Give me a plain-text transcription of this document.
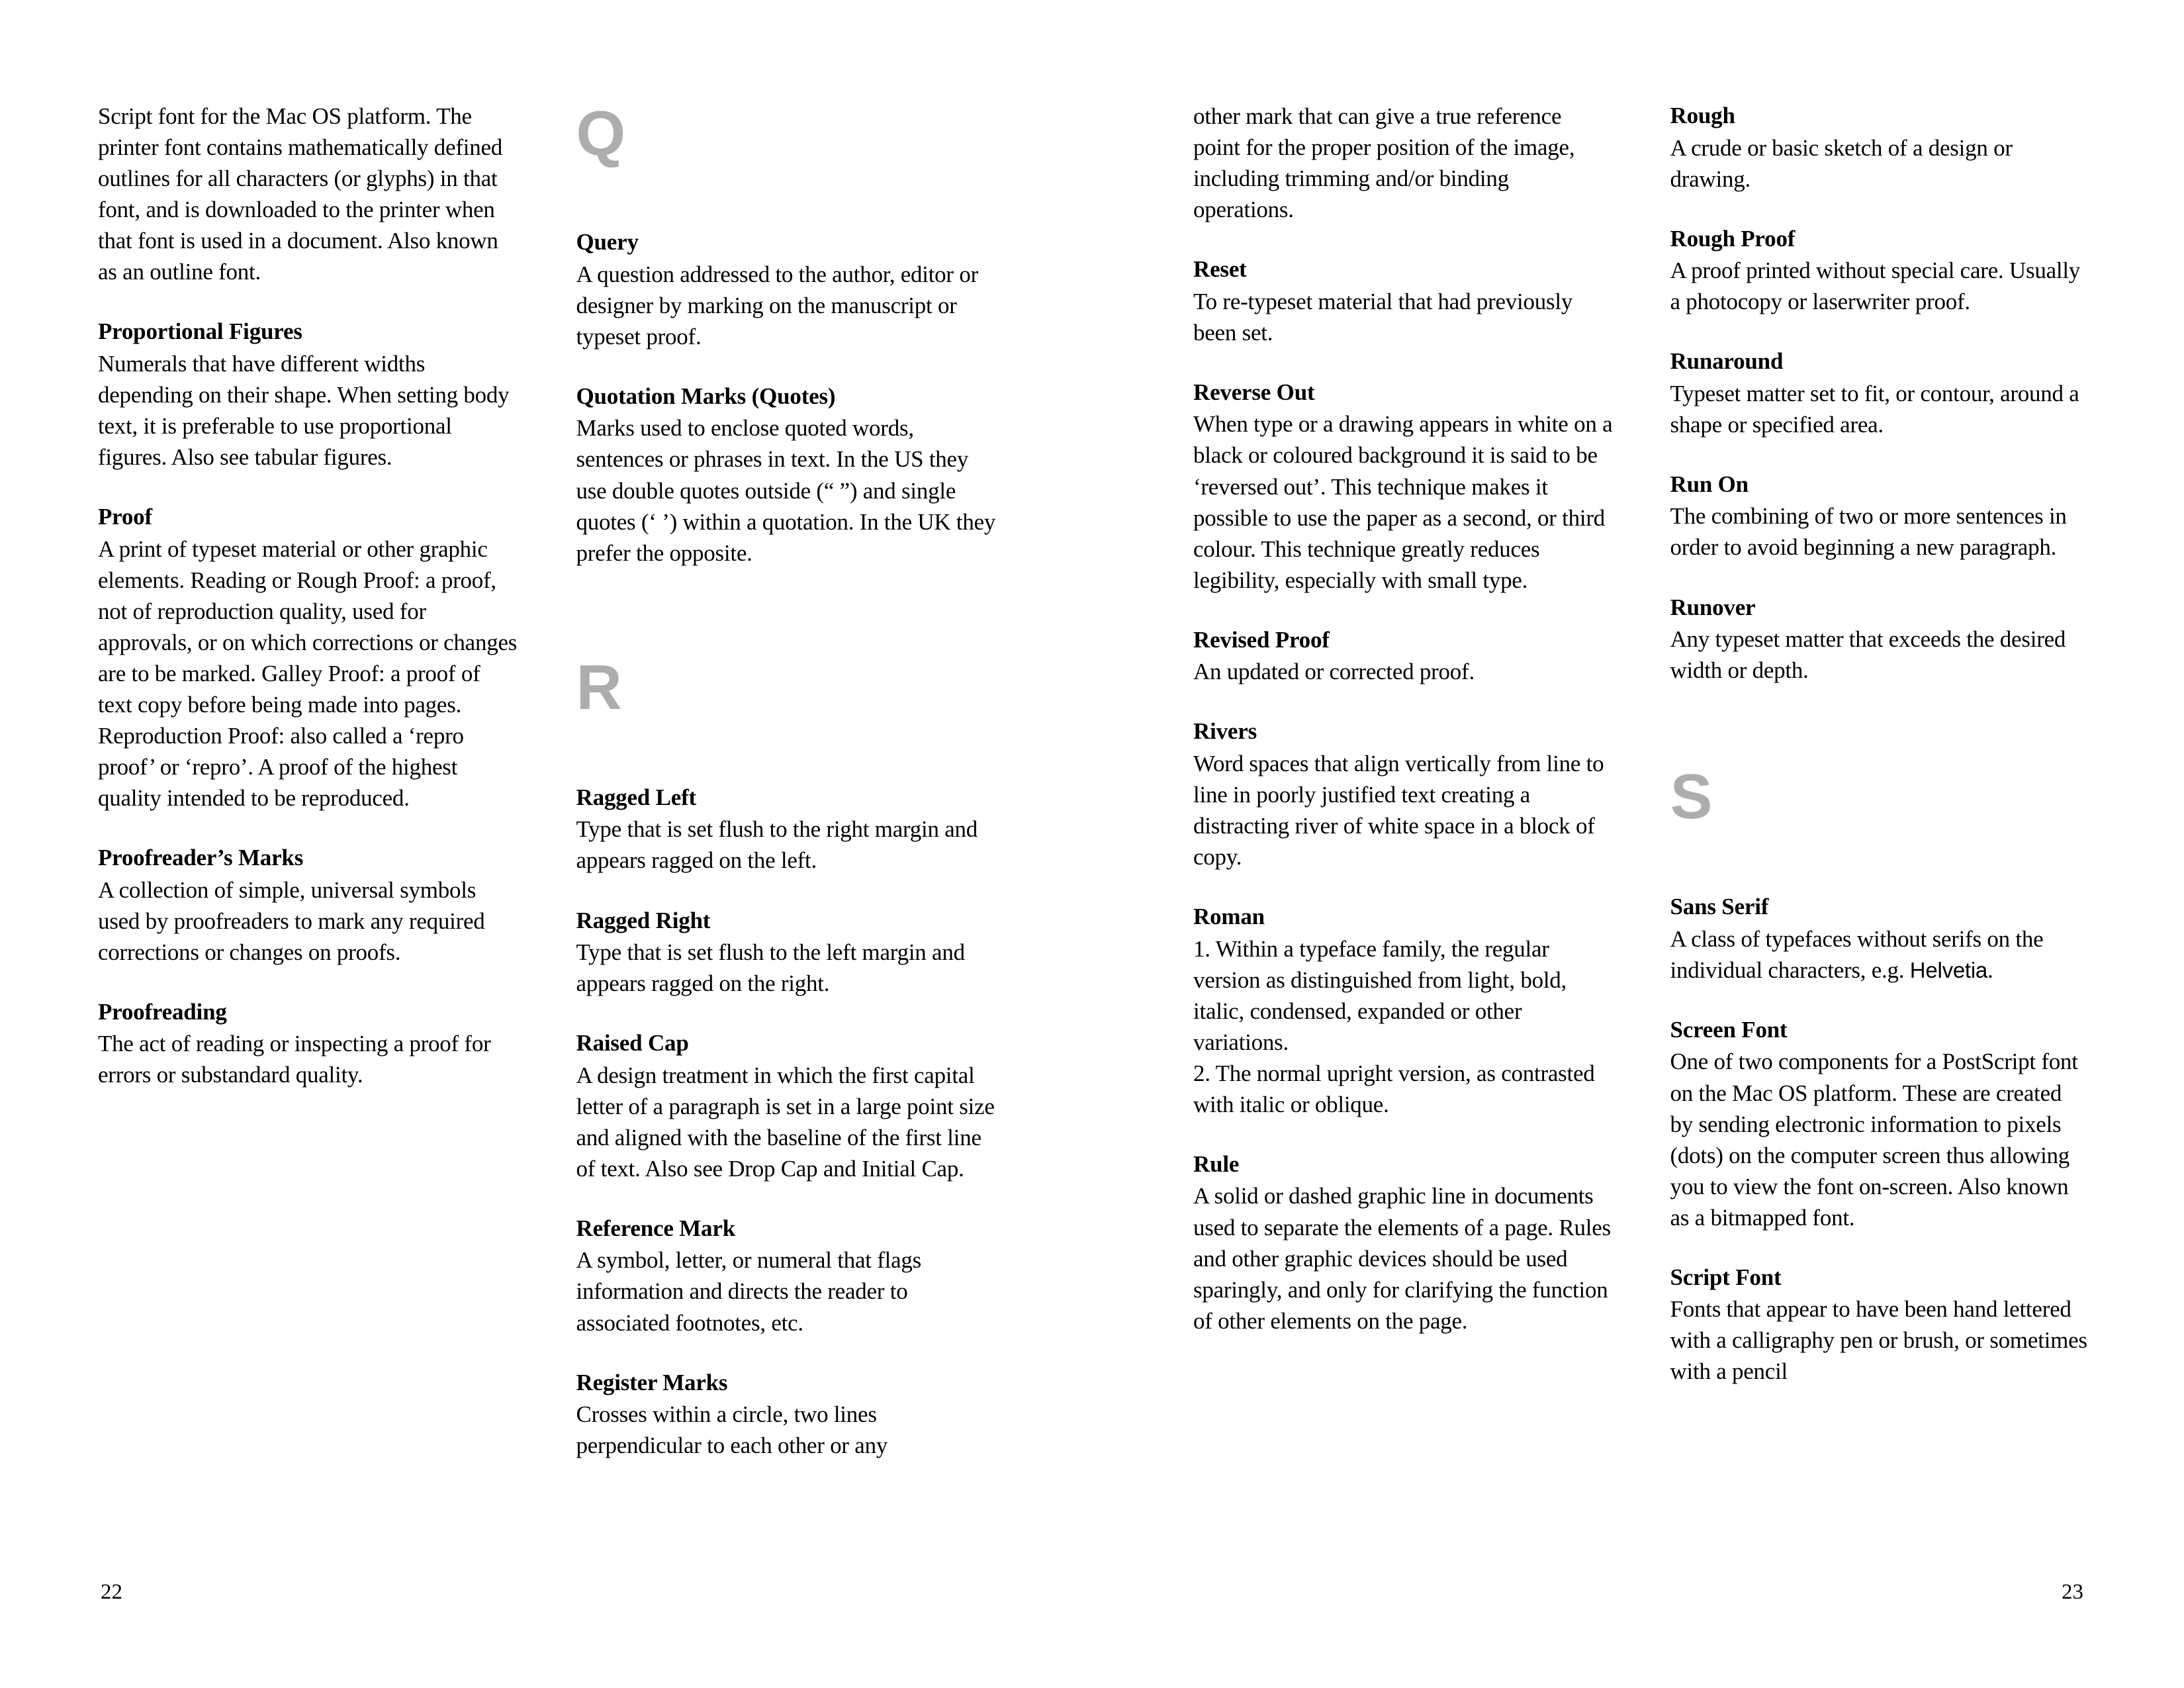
Script font for the Mac OS platform. The printer font contains mathematically defined outlines for all characters (or glyphs) in that font, and is downloaded to the printer when that font is used in a document. Also known as an outline font.

Proportional Figures

Numerals that have different widths depending on their shape. When setting body text, it is preferable to use proportional figures. Also see tabular figures.

Proof

A print of typeset material or other graphic elements. Reading or Rough Proof: a proof, not of reproduction quality, used for approvals, or on which corrections or changes are to be marked. Galley Proof: a proof of text copy before being made into pages. Reproduction Proof: also called a ‘repro proof’ or ‘repro’. A proof of the highest quality intended to be reproduced.

Proofreader’s Marks

A collection of simple, universal symbols used by proofreaders to mark any required corrections or changes on proofs.

Proofreading

The act of reading or inspecting a proof for errors or substandard quality.

Q
Query

A question addressed to the author, editor or designer by marking on the manuscript or typeset proof.

Quotation Marks (Quotes)

Marks used to enclose quoted words, sentences or phrases in text. In the US they use double quotes outside (“ ”) and single quotes (‘ ’) within a quotation. In the UK they prefer the opposite.

R
Ragged Left

Type that is set flush to the right margin and appears ragged on the left.

Ragged Right

Type that is set flush to the left margin and appears ragged on the right.

Raised Cap

A design treatment in which the first capital letter of a paragraph is set in a large point size and aligned with the baseline of the first line of text. Also see Drop Cap and Initial Cap.

Reference Mark

A symbol, letter, or numeral that flags information and directs the reader to associated footnotes, etc.

Register Marks

Crosses within a circle, two lines perpendicular to each other or any

other mark that can give a true reference point for the proper position of the image, including trimming and/or binding operations.

Reset

To re-typeset material that had previously been set.

Reverse Out

When type or a drawing appears in white on a black or coloured background it is said to be ‘reversed out’. This technique makes it possible to use the paper as a second, or third colour. This technique greatly reduces legibility, especially with small type.

Revised Proof

An updated or corrected proof.

Rivers

Word spaces that align vertically from line to line in poorly justified text creating a distracting river of white space in a block of copy.

Roman

1. Within a typeface family, the regular version as distinguished from light, bold, italic, condensed, expanded or other variations.
2. The normal upright version, as contrasted with italic or oblique.

Rule

A solid or dashed graphic line in documents used to separate the elements of a page. Rules and other graphic devices should be used sparingly, and only for clarifying the function of other elements on the page.

Rough

A crude or basic sketch of a design or drawing.

Rough Proof

A proof printed without special care. Usually a photocopy or laserwriter proof.

Runaround

Typeset matter set to fit, or contour, around a shape or specified area.

Run On

The combining of two or more sentences in order to avoid beginning a new paragraph.

Runover

Any typeset matter that exceeds the desired width or depth.

S
Sans Serif

A class of typefaces without serifs on the individual characters, e.g. Helvetia.

Screen Font

One of two components for a PostScript font on the Mac OS platform. These are created by sending electronic information to pixels (dots) on the computer screen thus allowing you to view the font on-screen. Also known as a bitmapped font.

Script Font

Fonts that appear to have been hand lettered with a calligraphy pen or brush, or sometimes with a pencil

22	23
